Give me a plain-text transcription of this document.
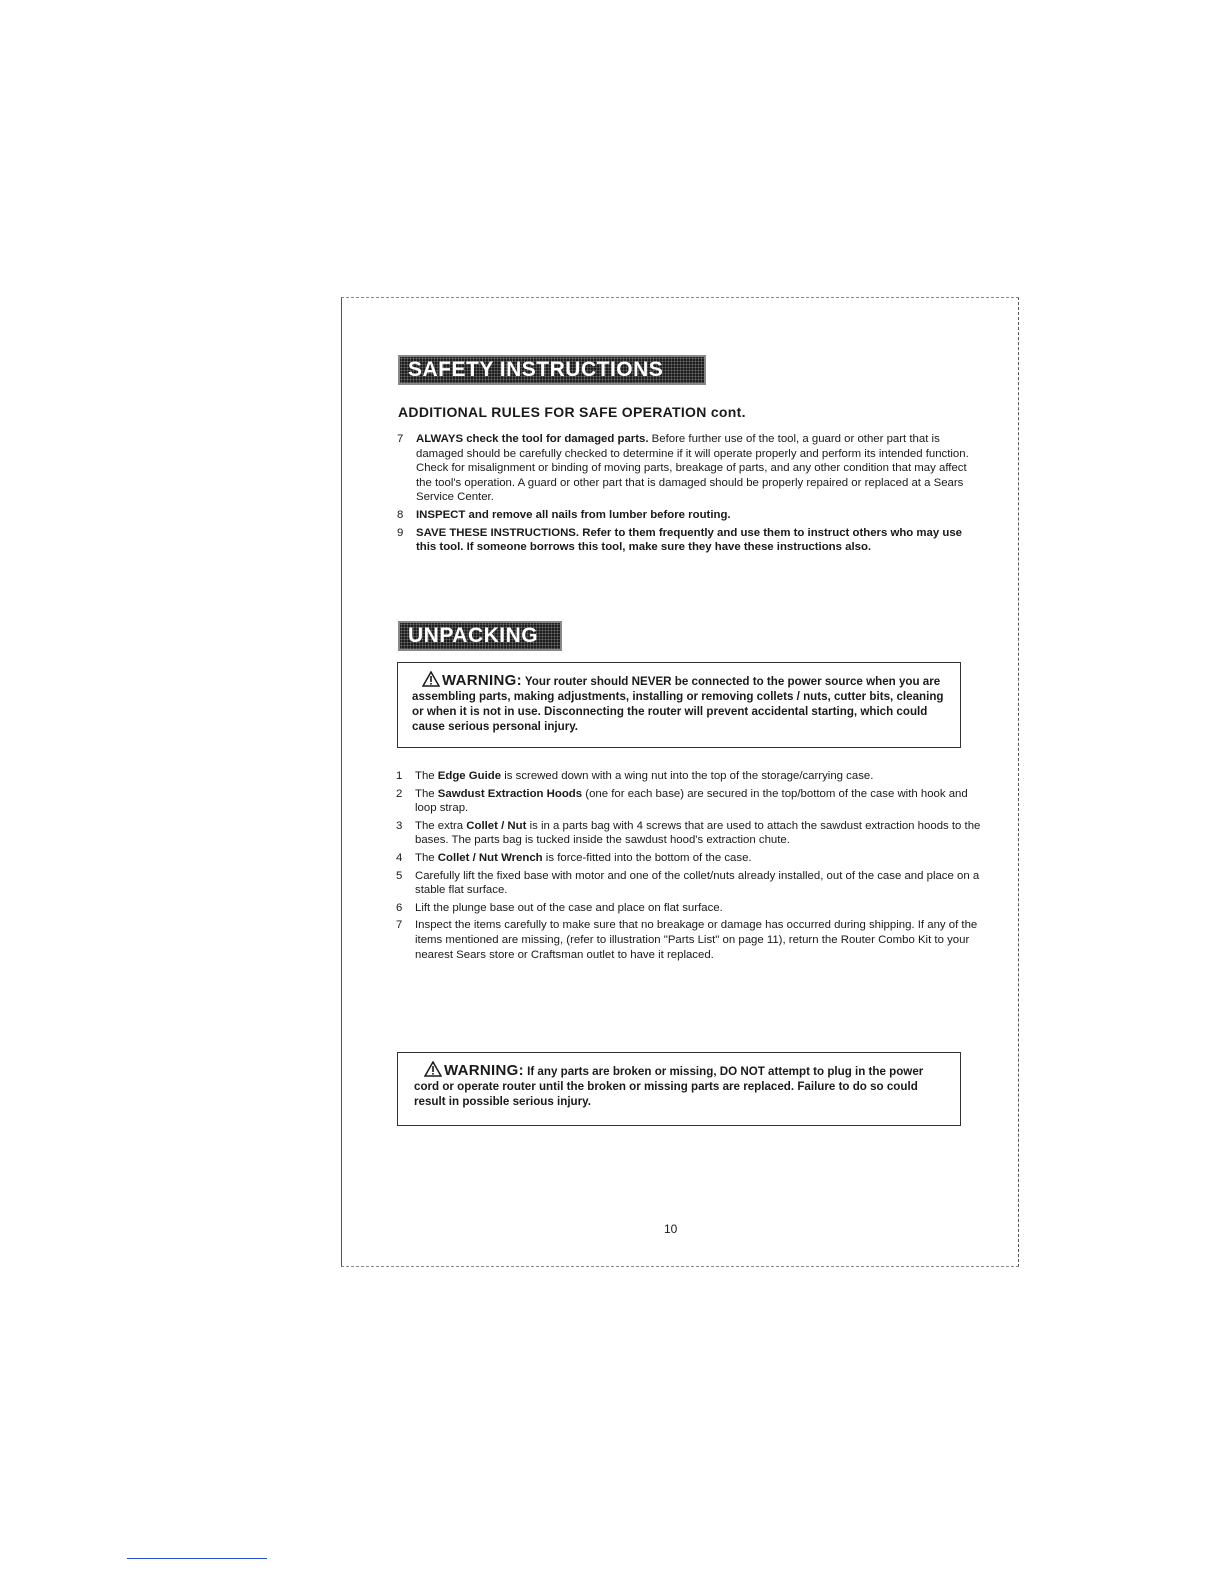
SAFETY INSTRUCTIONS cont.
ADDITIONAL RULES FOR SAFE OPERATION cont.
7 ALWAYS check the tool for damaged parts. Before further use of the tool, a guard or other part that is damaged should be carefully checked to determine if it will operate properly and perform its intended function. Check for misalignment or binding of moving parts, breakage of parts, and any other condition that may affect the tool's operation. A guard or other part that is damaged should be properly repaired or replaced at a Sears Service Center.
8 INSPECT and remove all nails from lumber before routing.
9 SAVE THESE INSTRUCTIONS. Refer to them frequently and use them to instruct others who may use this tool. If someone borrows this tool, make sure they have these instructions also.
UNPACKING
WARNING: Your router should NEVER be connected to the power source when you are assembling parts, making adjustments, installing or removing collets / nuts, cutter bits, cleaning or when it is not in use. Disconnecting the router will prevent accidental starting, which could cause serious personal injury.
1 The Edge Guide is screwed down with a wing nut into the top of the storage/carrying case.
2 The Sawdust Extraction Hoods (one for each base) are secured in the top/bottom of the case with hook and loop strap.
3 The extra Collet / Nut is in a parts bag with 4 screws that are used to attach the sawdust extraction hoods to the bases. The parts bag is tucked inside the sawdust hood's extraction chute.
4 The Collet / Nut Wrench is force-fitted into the bottom of the case.
5 Carefully lift the fixed base with motor and one of the collet/nuts already installed, out of the case and place on a stable flat surface.
6 Lift the plunge base out of the case and place on flat surface.
7 Inspect the items carefully to make sure that no breakage or damage has occurred during shipping. If any of the items mentioned are missing, (refer to illustration "Parts List" on page 11), return the Router Combo Kit to your nearest Sears store or Craftsman outlet to have it replaced.
WARNING: If any parts are broken or missing, DO NOT attempt to plug in the power cord or operate router until the broken or missing parts are replaced. Failure to do so could result in possible serious injury.
10
